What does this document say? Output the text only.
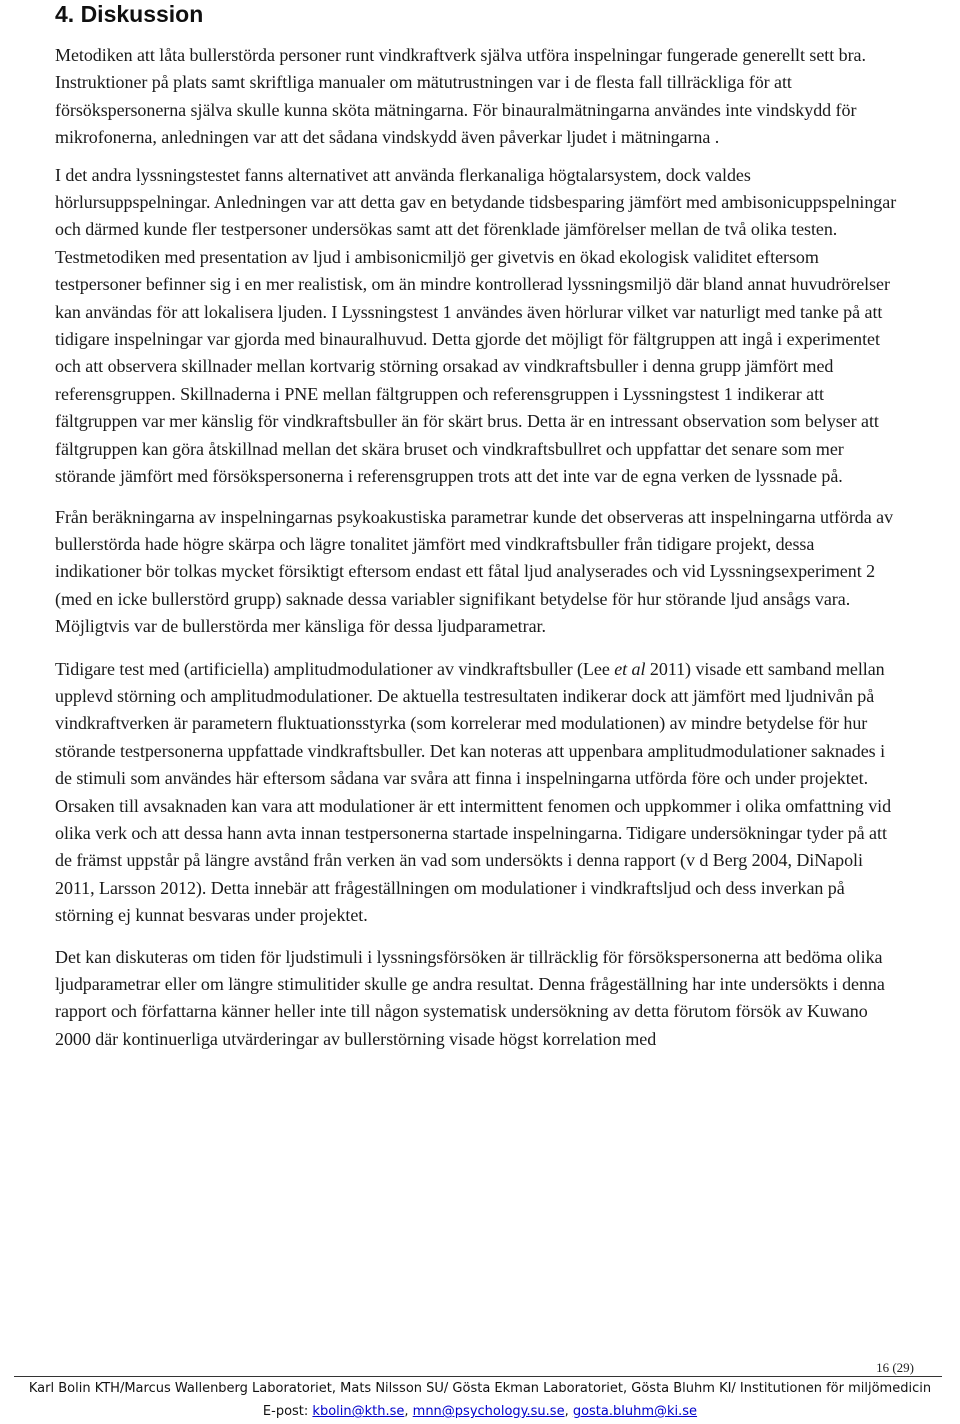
4. Diskussion

Metodiken att låta bullerstörda personer runt vindkraftverk själva utföra inspelningar fungerade generellt sett bra. Instruktioner på plats samt skriftliga manualer om mätutrustningen var i de flesta fall tillräckliga för att försökspersonerna själva skulle kunna sköta mätningarna. För binauralmätningarna användes inte vindskydd för mikrofonerna, anledningen var att det sådana vindskydd även påverkar ljudet i mätningarna .

I det andra lyssningstestet fanns alternativet att använda flerkanaliga högtalarsystem, dock valdes hörlursuppspelningar. Anledningen var att detta gav en betydande tidsbesparing jämfört med ambisonicuppspelningar och därmed kunde fler testpersoner undersökas samt att det förenklade jämförelser mellan de två olika testen. Testmetodiken med presentation av ljud i ambisonicmiljö ger givetvis en ökad ekologisk validitet eftersom testpersoner befinner sig i en mer realistisk, om än mindre kontrollerad lyssningsmiljö där bland annat huvudrörelser kan användas för att lokalisera ljuden. I Lyssningstest 1 användes även hörlurar vilket var naturligt med tanke på att tidigare inspelningar var gjorda med binauralhuvud. Detta gjorde det möjligt för fältgruppen att ingå i experimentet och att observera skillnader mellan kortvarig störning orsakad av vindkraftsbuller i denna grupp jämfört med referensgruppen. Skillnaderna i PNE mellan fältgruppen och referensgruppen i Lyssningstest 1 indikerar att fältgruppen var mer känslig för vindkraftsbuller än för skärt brus. Detta är en intressant observation som belyser att fältgruppen kan göra åtskillnad mellan det skära bruset och vindkraftsbullret och uppfattar det senare som mer störande jämfört med försökspersonerna i referensgruppen trots att det inte var de egna verken de lyssnade på.

Från beräkningarna av inspelningarnas psykoakustiska parametrar kunde det observeras att inspelningarna utförda av bullerstörda hade högre skärpa och lägre tonalitet jämfört med vindkraftsbuller från tidigare projekt, dessa indikationer bör tolkas mycket försiktigt eftersom endast ett fåtal ljud analyserades och vid Lyssningsexperiment 2 (med en icke bullerstörd grupp) saknade dessa variabler signifikant betydelse för hur störande ljud ansågs vara. Möjligtvis var de bullerstörda mer känsliga för dessa ljudparametrar.

Tidigare test med (artificiella) amplitudmodulationer av vindkraftsbuller (Lee et al 2011) visade ett samband mellan upplevd störning och amplitudmodulationer. De aktuella testresultaten indikerar dock att jämfört med ljudnivån på vindkraftverken är parametern fluktuationsstyrka (som korrelerar med modulationen) av mindre betydelse för hur störande testpersonerna uppfattade vindkraftsbuller. Det kan noteras att uppenbara amplitudmodulationer saknades i de stimuli som användes här eftersom sådana var svåra att finna i inspelningarna utförda före och under projektet. Orsaken till avsaknaden kan vara att modulationer är ett intermittent fenomen och uppkommer i olika omfattning vid olika verk och att dessa hann avta innan testpersonerna startade inspelningarna. Tidigare undersökningar tyder på att de främst uppstår på längre avstånd från verken än vad som undersökts i denna rapport (v d Berg 2004, DiNapoli 2011, Larsson 2012). Detta innebär att frågeställningen om modulationer i vindkraftsljud och dess inverkan på störning ej kunnat besvaras under projektet.

Det kan diskuteras om tiden för ljudstimuli i lyssningsförsöken är tillräcklig för försökspersonerna att bedöma olika ljudparametrar eller om längre stimulitider skulle ge andra resultat. Denna frågeställning har inte undersökts i denna rapport och författarna känner heller inte till någon systematisk undersökning av detta förutom försök av Kuwano 2000 där kontinuerliga utvärderingar av bullerstörning visade högst korrelation med

16 (29)
Karl Bolin KTH/Marcus Wallenberg Laboratoriet, Mats Nilsson SU/ Gösta Ekman Laboratoriet, Gösta Bluhm KI/ Institutionen för miljömedicin
E-post: kbolin@kth.se, mnn@psychology.su.se, gosta.bluhm@ki.se
